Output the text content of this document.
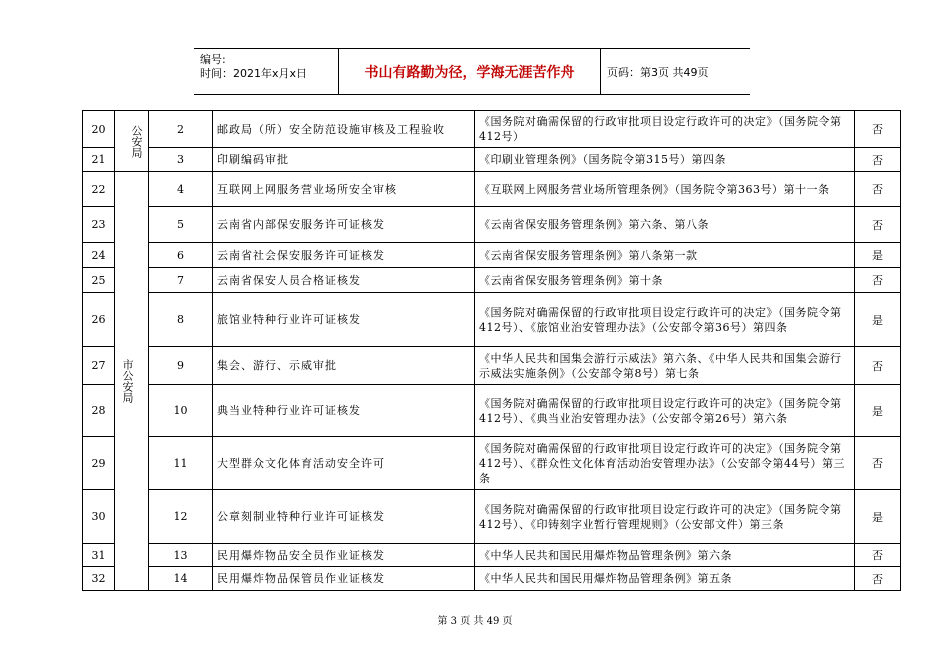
编号:
时间：2021年x月x日	书山有路勤为径，学海无涯苦作舟	页码：第3页 共49页
20	公安局	2	邮政局（所）安全防范设施审核及工程验收	《国务院对确需保留的行政审批项目设定行政许可的决定》（国务院令第412号）	否
21		3	印刷编码审批	《印刷业管理条例》（国务院令第315号）第四条	否
22	市公安局	4	互联网上网服务营业场所安全审核	《互联网上网服务营业场所管理条例》（国务院令第363号）第十一条	否
23		5	云南省内部保安服务许可证核发	《云南省保安服务管理条例》第六条、第八条	否
24		6	云南省社会保安服务许可证核发	《云南省保安服务管理条例》第八条第一款	是
25		7	云南省保安人员合格证核发	《云南省保安服务管理条例》第十条	否
26		8	旅馆业特种行业许可证核发	《国务院对确需保留的行政审批项目设定行政许可的决定》（国务院令第412号）、《旅馆业治安管理办法》（公安部令第36号）第四条	是
27		9	集会、游行、示威审批	《中华人民共和国集会游行示威法》第六条、《中华人民共和国集会游行示威法实施条例》（公安部令第8号）第七条	否
28		10	典当业特种行业许可证核发	《国务院对确需保留的行政审批项目设定行政许可的决定》（国务院令第412号）、《典当业治安管理办法》（公安部令第26号）第六条	是
29		11	大型群众文化体育活动安全许可	《国务院对确需保留的行政审批项目设定行政许可的决定》（国务院令第412号）、《群众性文化体育活动治安管理办法》（公安部令第44号）第三条	否
30		12	公章刻制业特种行业许可证核发	《国务院对确需保留的行政审批项目设定行政许可的决定》（国务院令第412号）、《印铸刻字业暂行管理规则》（公安部文件）第三条	是
31		13	民用爆炸物品安全员作业证核发	《中华人民共和国民用爆炸物品管理条例》第六条	否
32		14	民用爆炸物品保管员作业证核发	《中华人民共和国民用爆炸物品管理条例》第五条	否
第 3 页 共 49 页
